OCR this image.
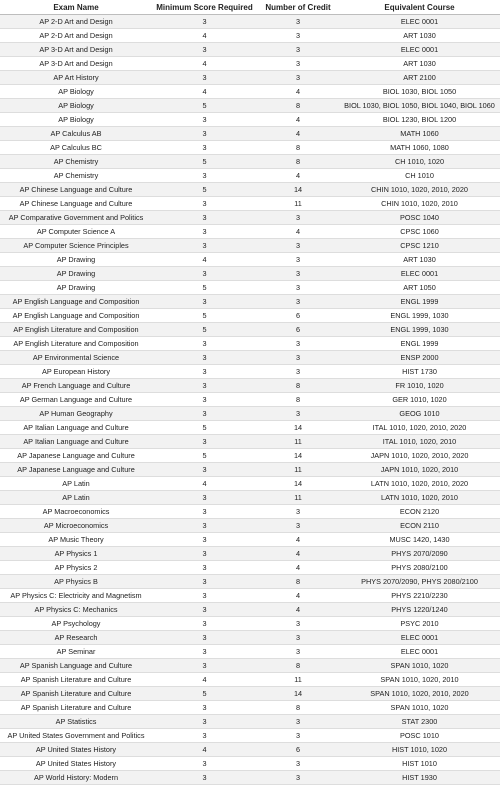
Exam Name	Minimum Score Required	Number of Credit	Equivalent Course
AP 2-D Art and Design	3	3	ELEC 0001
AP 2-D Art and Design	4	3	ART 1030
AP 3-D Art and Design	3	3	ELEC 0001
AP 3-D Art and Design	4	3	ART 1030
AP Art History	3	3	ART 2100
AP Biology	4	4	BIOL 1030, BIOL 1050
AP Biology	5	8	BIOL 1030, BIOL 1050, BIOL 1040, BIOL 1060
AP Biology	3	4	BIOL 1230, BIOL 1200
AP Calculus AB	3	4	MATH 1060
AP Calculus BC	3	8	MATH 1060, 1080
AP Chemistry	5	8	CH 1010, 1020
AP Chemistry	3	4	CH 1010
AP Chinese Language and Culture	5	14	CHIN 1010, 1020, 2010, 2020
AP Chinese Language and Culture	3	11	CHIN 1010, 1020, 2010
AP Comparative Government and Politics	3	3	POSC 1040
AP Computer Science A	3	4	CPSC 1060
AP Computer Science Principles	3	3	CPSC 1210
AP Drawing	4	3	ART 1030
AP Drawing	3	3	ELEC 0001
AP Drawing	5	3	ART 1050
AP English Language and Composition	3	3	ENGL 1999
AP English Language and Composition	5	6	ENGL 1999, 1030
AP English Literature and Composition	5	6	ENGL 1999, 1030
AP English Literature and Composition	3	3	ENGL 1999
AP Environmental Science	3	3	ENSP 2000
AP European History	3	3	HIST 1730
AP French Language and Culture	3	8	FR 1010, 1020
AP German Language and Culture	3	8	GER 1010, 1020
AP Human Geography	3	3	GEOG 1010
AP Italian Language and Culture	5	14	ITAL 1010, 1020, 2010, 2020
AP Italian Language and Culture	3	11	ITAL 1010, 1020, 2010
AP Japanese Language and Culture	5	14	JAPN 1010, 1020, 2010, 2020
AP Japanese Language and Culture	3	11	JAPN 1010, 1020, 2010
AP Latin	4	14	LATN 1010, 1020, 2010, 2020
AP Latin	3	11	LATN 1010, 1020, 2010
AP Macroeconomics	3	3	ECON 2120
AP Microeconomics	3	3	ECON 2110
AP Music Theory	3	4	MUSC 1420, 1430
AP Physics 1	3	4	PHYS 2070/2090
AP Physics 2	3	4	PHYS 2080/2100
AP Physics B	3	8	PHYS 2070/2090, PHYS 2080/2100
AP Physics C: Electricity and Magnetism	3	4	PHYS 2210/2230
AP Physics C: Mechanics	3	4	PHYS 1220/1240
AP Psychology	3	3	PSYC 2010
AP Research	3	3	ELEC 0001
AP Seminar	3	3	ELEC 0001
AP Spanish Language and Culture	3	8	SPAN 1010, 1020
AP Spanish Literature and Culture	4	11	SPAN 1010, 1020, 2010
AP Spanish Literature and Culture	5	14	SPAN 1010, 1020, 2010, 2020
AP Spanish Literature and Culture	3	8	SPAN 1010, 1020
AP Statistics	3	3	STAT 2300
AP United States Government and Politics	3	3	POSC 1010
AP United States History	4	6	HIST 1010, 1020
AP United States History	3	3	HIST 1010
AP World History: Modern	3	3	HIST 1930
